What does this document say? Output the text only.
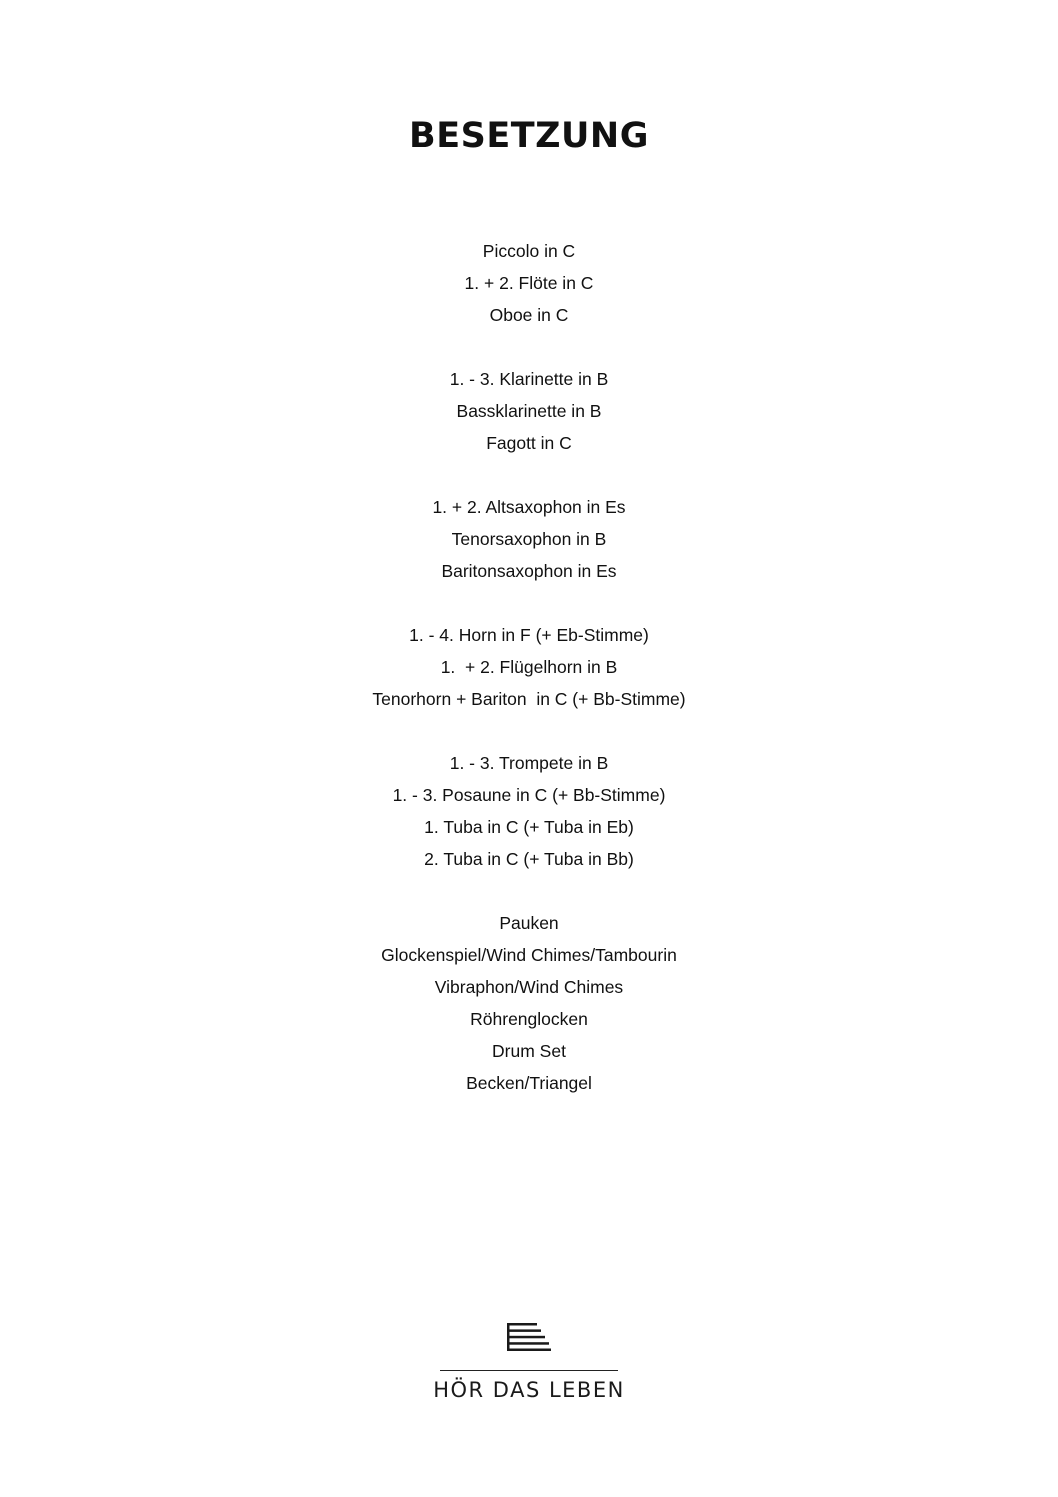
BESETZUNG
Piccolo in C
1. + 2. Flöte in C
Oboe in C
1. - 3. Klarinette in B
Bassklarinette in B
Fagott in C
1. + 2. Altsaxophon in Es
Tenorsaxophon in B
Baritonsaxophon in Es
1. - 4. Horn in F (+ Eb-Stimme)
1.  + 2. Flügelhorn in B
Tenorhorn + Bariton  in C (+ Bb-Stimme)
1. - 3. Trompete in B
1. - 3. Posaune in C (+ Bb-Stimme)
1. Tuba in C (+ Tuba in Eb)
2. Tuba in C (+ Tuba in Bb)
Pauken
Glockenspiel/Wind Chimes/Tambourin
Vibraphon/Wind Chimes
Röhrenglocken
Drum Set
Becken/Triangel
HÖR DAS LEBEN
